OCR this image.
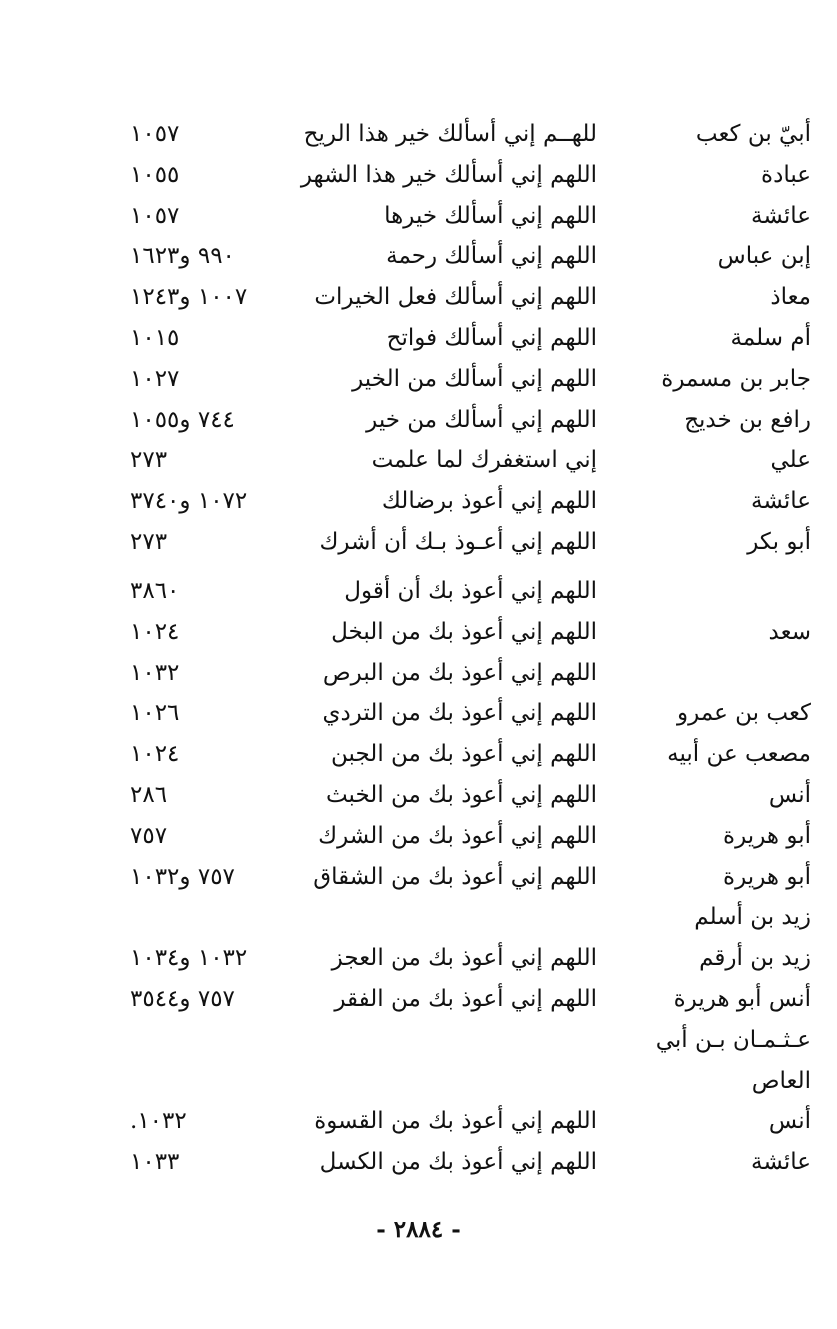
أبيّ بن كعب
للهــم إني أسألك خير هذا الريح
١٠٥٧
عبادة
اللهم إني أسألك خير هذا الشهر
١٠٥٥
عائشة
اللهم إني أسألك خيرها
١٠٥٧
إبن عباس
اللهم إني أسألك رحمة
٩٩٠ و١٦٢٣
معاذ
اللهم إني أسألك فعل الخيرات
١٠٠٧ و١٢٤٣
أم سلمة
اللهم إني أسألك فواتح
١٠١٥
جابر بن مسمرة
اللهم إني أسألك من الخير
١٠٢٧
رافع بن خديج
اللهم إني أسألك من خير
٧٤٤ و١٠٥٥
علي
إني استغفرك لما علمت
٢٧٣
عائشة
اللهم إني أعوذ برضالك
١٠٧٢ و٣٧٤٠
أبو بكر
اللهم إني أعـوذ بـك أن أشرك
٢٧٣
اللهم إني أعوذ بك أن أقول
٣٨٦٠
سعد
اللهم إني أعوذ بك من البخل
١٠٢٤
اللهم إني أعوذ بك من البرص
١٠٣٢
كعب بن عمرو
اللهم إني أعوذ بك من التردي
١٠٢٦
مصعب عن أبيه
اللهم إني أعوذ بك من الجبن
١٠٢٤
أنس
اللهم إني أعوذ بك من الخبث
٢٨٦
أبو هريرة
اللهم إني أعوذ بك من الشرك
٧٥٧
أبو هريرة
اللهم إني أعوذ بك من الشقاق
٧٥٧ و١٠٣٢
زيد بن أسلم
زيد بن أرقم
اللهم إني أعوذ بك من العجز
١٠٣٢ و١٠٣٤
أنس أبو هريرة
اللهم إني أعوذ بك من الفقر
٧٥٧ و٣٥٤٤
عـثـمـان بـن أبي
العاص
أنس
اللهم إني أعوذ بك من القسوة
١٠٣٢.
عائشة
اللهم إني أعوذ بك من الكسل
١٠٣٣
- ٢٨٨٤ -
